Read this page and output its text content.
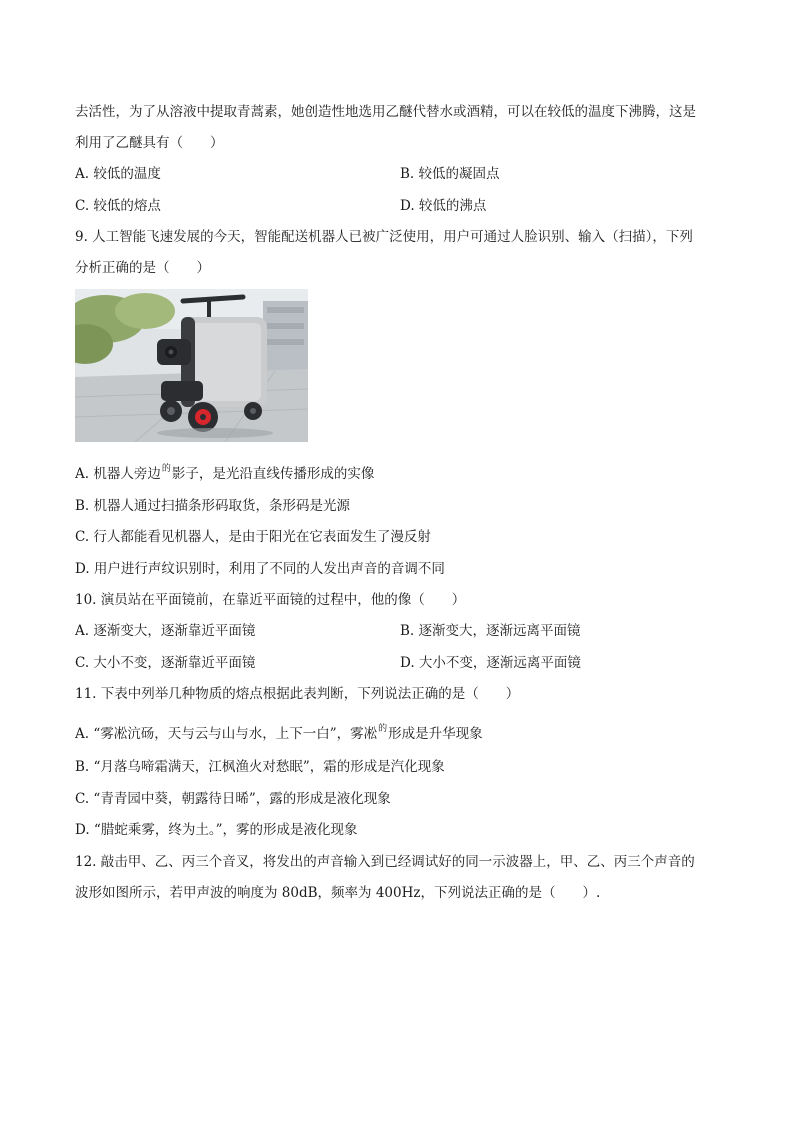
去活性，为了从溶液中提取青蒿素，她创造性地选用乙醚代替水或酒精，可以在较低的温度下沸腾，这是
利用了乙醚具有（　　）
A. 较低的温度	B. 较低的凝固点
C. 较低的熔点	D. 较低的沸点
9. 人工智能飞速发展的今天，智能配送机器人已被广泛使用，用户可通过人脸识别、输入（扫描），下列
分析正确的是（　　）
A. 机器人旁边$^的$影子，是光沿直线传播形成的实像
B. 机器人通过扫描条形码取货，条形码是光源
C. 行人都能看见机器人，是由于阳光在它表面发生了漫反射
D. 用户进行声纹识别时，利用了不同的人发出声音的音调不同
10. 演员站在平面镜前，在靠近平面镜的过程中，他的像（　　）
A. 逐渐变大，逐渐靠近平面镜	B. 逐渐变大，逐渐远离平面镜
C. 大小不变，逐渐靠近平面镜	D. 大小不变，逐渐远离平面镜
11. 下表中列举几种物质的熔点根据此表判断，下列说法正确的是（　　）
A. “雾凇沆砀，天与云与山与水，上下一白”，雾凇$^的$形成是升华现象
B. “月落乌啼霜满天，江枫渔火对愁眠”，霜的形成是汽化现象
C. “青青园中葵，朝露待日晞”，露的形成是液化现象
D. “腊蛇乘雾，终为土。”，雾的形成是液化现象
12. 敲击甲、乙、丙三个音叉，将发出的声音输入到已经调试好的同一示波器上，甲、乙、丙三个声音的
波形如图所示，若甲声波的响度为 80dB，频率为 400Hz，下列说法正确的是（　　）.
